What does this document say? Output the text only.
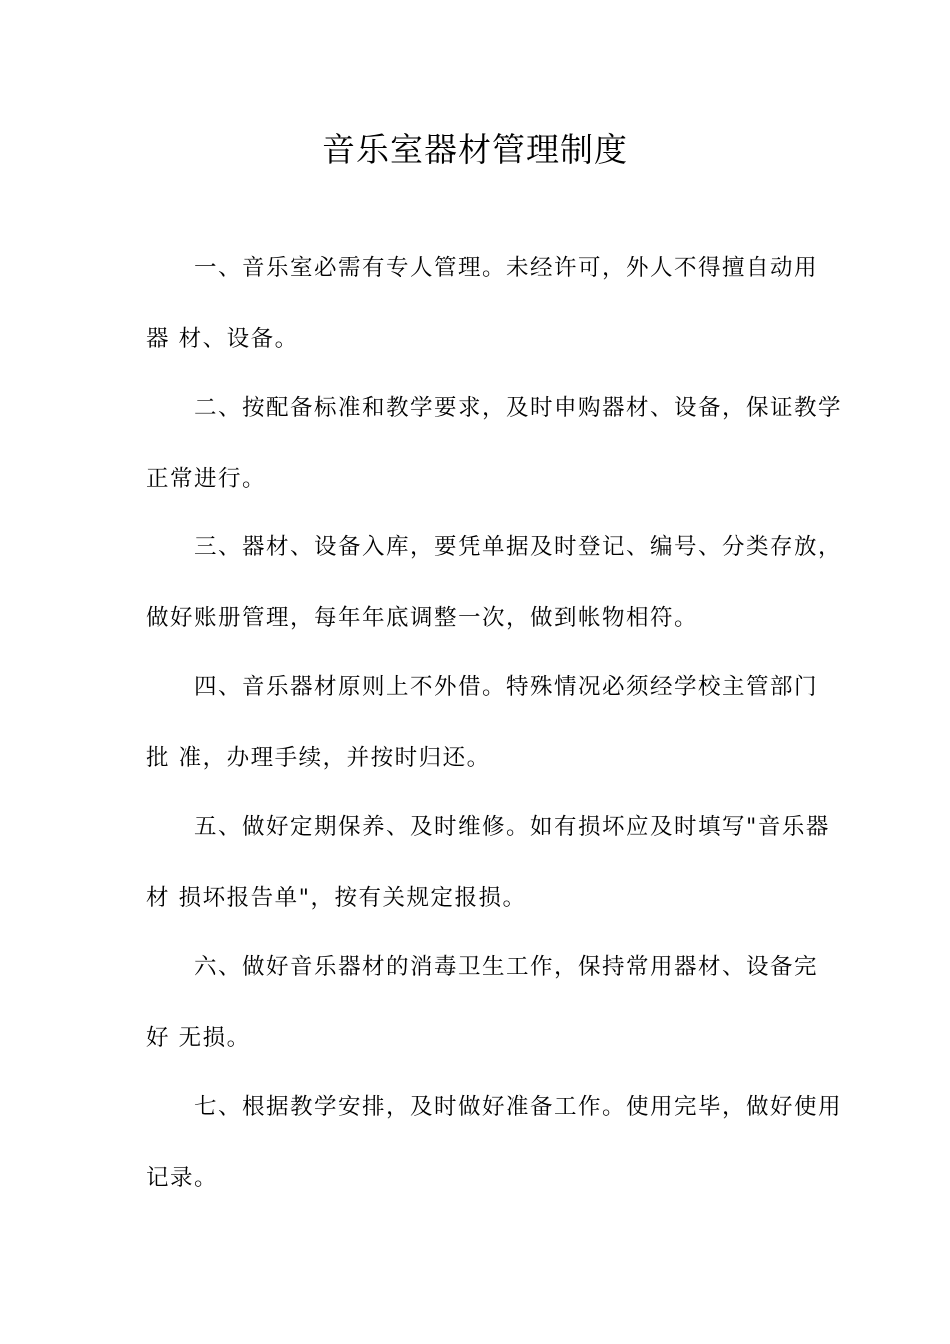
音乐室器材管理制度
一、音乐室必需有专人管理。未经许可，外人不得擅自动用
器 材、设备。
二、按配备标准和教学要求，及时申购器材、设备，保证教学
正常进行。
三、器材、设备入库，要凭单据及时登记、编号、分类存放，
做好账册管理，每年年底调整一次，做到帐物相符。
四、音乐器材原则上不外借。特殊情况必须经学校主管部门
批 准，办理手续，并按时归还。
五、做好定期保养、及时维修。如有损坏应及时填写"音乐器
材 损坏报告单"，按有关规定报损。
六、做好音乐器材的消毒卫生工作，保持常用器材、设备完
好 无损。
七、根据教学安排，及时做好准备工作。使用完毕，做好使用
记录。
